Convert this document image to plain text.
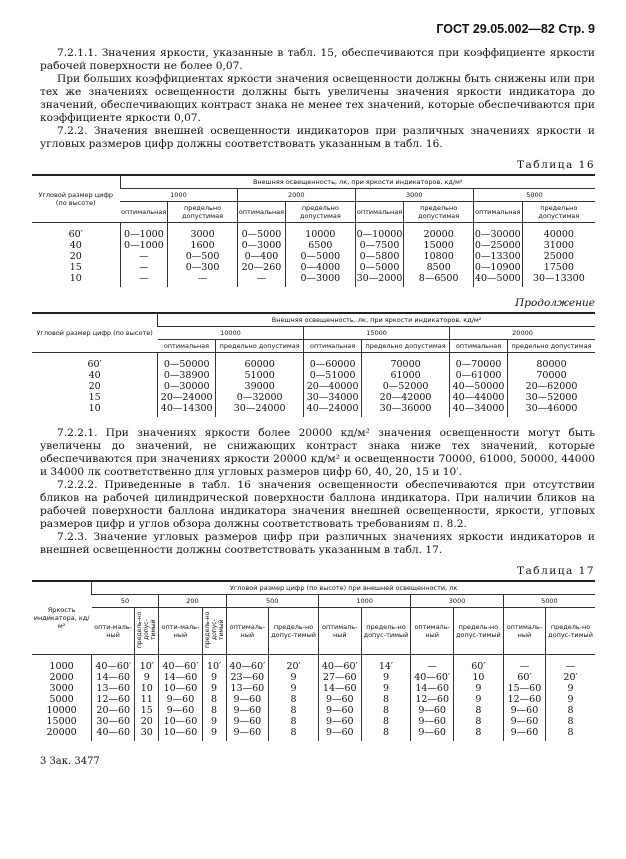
ГОСТ 29.05.002—82 Стр. 9

7.2.1.1. Значения яркости, указанные в табл. 15, обеспечиваются при коэффициенте яркости рабочей поверхности не более 0,07.

При больших коэффициентах яркости значения освещенности должны быть снижены или при тех же значениях освещенности должны быть увеличены значения яркости индикатора до значений, обеспечивающих контраст знака не менее тех значений, которые обеспечиваются при коэффициенте яркости 0,07.

7.2.2. Значения внешней освещенности индикаторов при различных значениях яркости и угловых размеров цифр должны соответствовать указанным в табл. 16.

Таблица 16
Угловой размер цифр (по высоте)	Внешняя освещенность, лк, при яркости индикаторов, кд/м²							
	1000		2000		3000		5000	
	оптимальная	предельно допустимая	оптимальная	предельно допустимая	оптимальная	предельно допустимая	оптимальная	предельно допустимая
60′	0—1000	3000	0—5000	10000	0—10000	20000	0—30000	40000
40	0—1000	1600	0—3000	6500	0—7500	15000	0—25000	31000
20	—	0—500	0—400	0—5000	0—5800	10800	0—13300	25000
15	—	0—300	20—260	0—4000	0—5000	8500	0—10900	17500
10	—	—	—	0—3000	30—2000	8—6500	40—5000	30—13300
Продолжение
Угловой размер цифр (по высоте)	Внешняя освещенность, лк, при яркости индикаторов, кд/м²					
	10000		15000		20000	
	оптимальная	предельно допустимая	оптимальная	предельно допустимая	оптимальная	предельно допустимая
60′	0—50000	60000	0—60000	70000	0—70000	80000
40	0—38900	51000	0—51000	61000	0—61000	70000
20	0—30000	39000	20—40000	0—52000	40—50000	20—62000
15	20—24000	0—32000	30—34000	20—42000	40—44000	30—52000
10	40—14300	30—24000	40—24000	30—36000	40—34000	30—46000

7.2.2.1. При значениях яркости более 20000 кд/м² значения освещенности могут быть увеличены до значений, не снижающих контраст знака ниже тех значений, которые обеспечиваются при значениях яркости 20000 кд/м² и освещенности 70000, 61000, 50000, 44000 и 34000 лк соответственно для угловых размеров цифр 60, 40, 20, 15 и 10′.

7.2.2.2. Приведенные в табл. 16 значения освещенности обеспечиваются при отсутствии бликов на рабочей цилиндрической поверхности баллона индикатора. При наличии бликов на рабочей поверхности баллона индикатора значения внешней освещенности, яркости, угловых размеров цифр и углов обзора должны соответствовать требованиям п. 8.2.

7.2.3. Значение угловых размеров цифр при различных значениях яркости индикаторов и внешней освещенности должны соответствовать указанным в табл. 17.

Таблица 17
Яркость индикатора, кд/м²	Угловой размер цифр (по высоте) при внешней освещенности, лк											
	50		200		500		1000		3000		5000	
	опти-маль-ный	предель-но допус-тимый	опти-маль-ный	предель-но допус-тимый	оптималь-ный	предель-но допус-тимый	оптималь-ный	предель-но допус-тимый	оптималь-ный	предель-но допус-тимый	оптималь-ный	предель-но допус-тимый
1000	40—60′	10′	40—60′	10′	40—60′	20′	40—60′	14′	—	60′	—	—
2000	14—60	9	14—60	9	23—60	9	27—60	9	40—60′	10	60′	20′
3000	13—60	10	10—60	9	13—60	9	14—60	9	14—60	9	15—60	9
5000	12—60	11	9—60	8	9—60	8	9—60	8	12—60	9	12—60	9
10000	20—60	15	9—60	8	9—60	8	9—60	8	9—60	8	9—60	8
15000	30—60	20	10—60	9	9—60	8	9—60	8	9—60	8	9—60	8
20000	40—60	30	10—60	9	9—60	8	9—60	8	9—60	8	9—60	8
3 Зак. 3477
